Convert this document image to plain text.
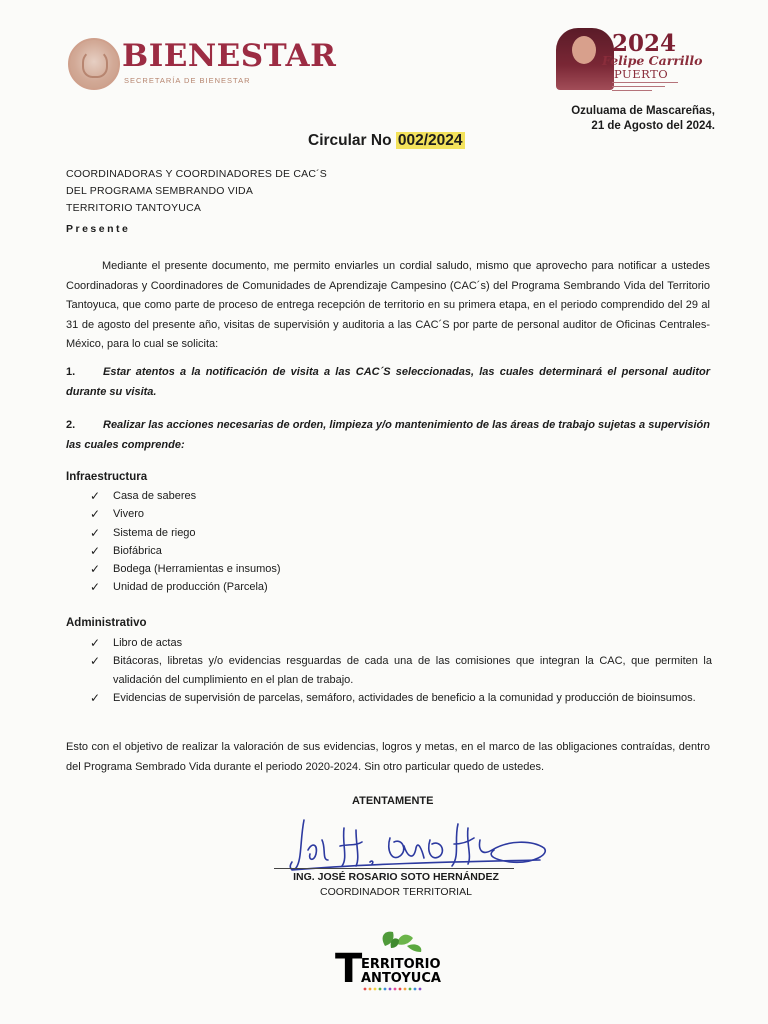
BIENESTAR
SECRETARÍA DE BIENESTAR
2024
Felipe Carrillo
PUERTO
Ozuluama de Mascareñas,
21 de Agosto del 2024.
Circular No 002/2024
COORDINADORAS Y COORDINADORES DE CAC´S
DEL PROGRAMA SEMBRANDO VIDA
TERRITORIO TANTOYUCA
Presente
Mediante el presente documento, me permito enviarles un cordial saludo, mismo que aprovecho para notificar a ustedes Coordinadoras y Coordinadores de Comunidades de Aprendizaje Campesino (CAC´s) del Programa Sembrando Vida del Territorio Tantoyuca, que como parte de proceso de entrega recepción de territorio en su primera etapa, en el periodo comprendido del 29 al 31 de agosto del presente año, visitas de supervisión y auditoria a las CAC´S por parte de personal auditor de Oficinas Centrales- México, para lo cual se solicita:
1.	Estar atentos a la notificación de visita a las CAC´S seleccionadas, las cuales determinará el personal auditor durante su visita.
2.	Realizar las acciones necesarias de orden, limpieza y/o mantenimiento de las áreas de trabajo sujetas a supervisión las cuales comprende:
Infraestructura
✓ Casa de saberes
✓ Vivero
✓ Sistema de riego
✓ Biofábrica
✓ Bodega (Herramientas e insumos)
✓ Unidad de producción (Parcela)
Administrativo
✓ Libro de actas
✓ Bitácoras, libretas y/o evidencias resguardas de cada una de las comisiones que integran la CAC, que permiten la validación del cumplimiento en el plan de trabajo.
✓ Evidencias de supervisión de parcelas, semáforo, actividades de beneficio a la comunidad y producción de bioinsumos.
Esto con el objetivo de realizar la valoración de sus evidencias, logros y metas, en el marco de las obligaciones contraídas, dentro del Programa Sembrado Vida durante el periodo 2020-2024. Sin otro particular quedo de ustedes.
ATENTAMENTE
ING. JOSÉ ROSARIO SOTO HERNÁNDEZ
COORDINADOR TERRITORIAL
T
ERRITORIO
ANTOYUCA
